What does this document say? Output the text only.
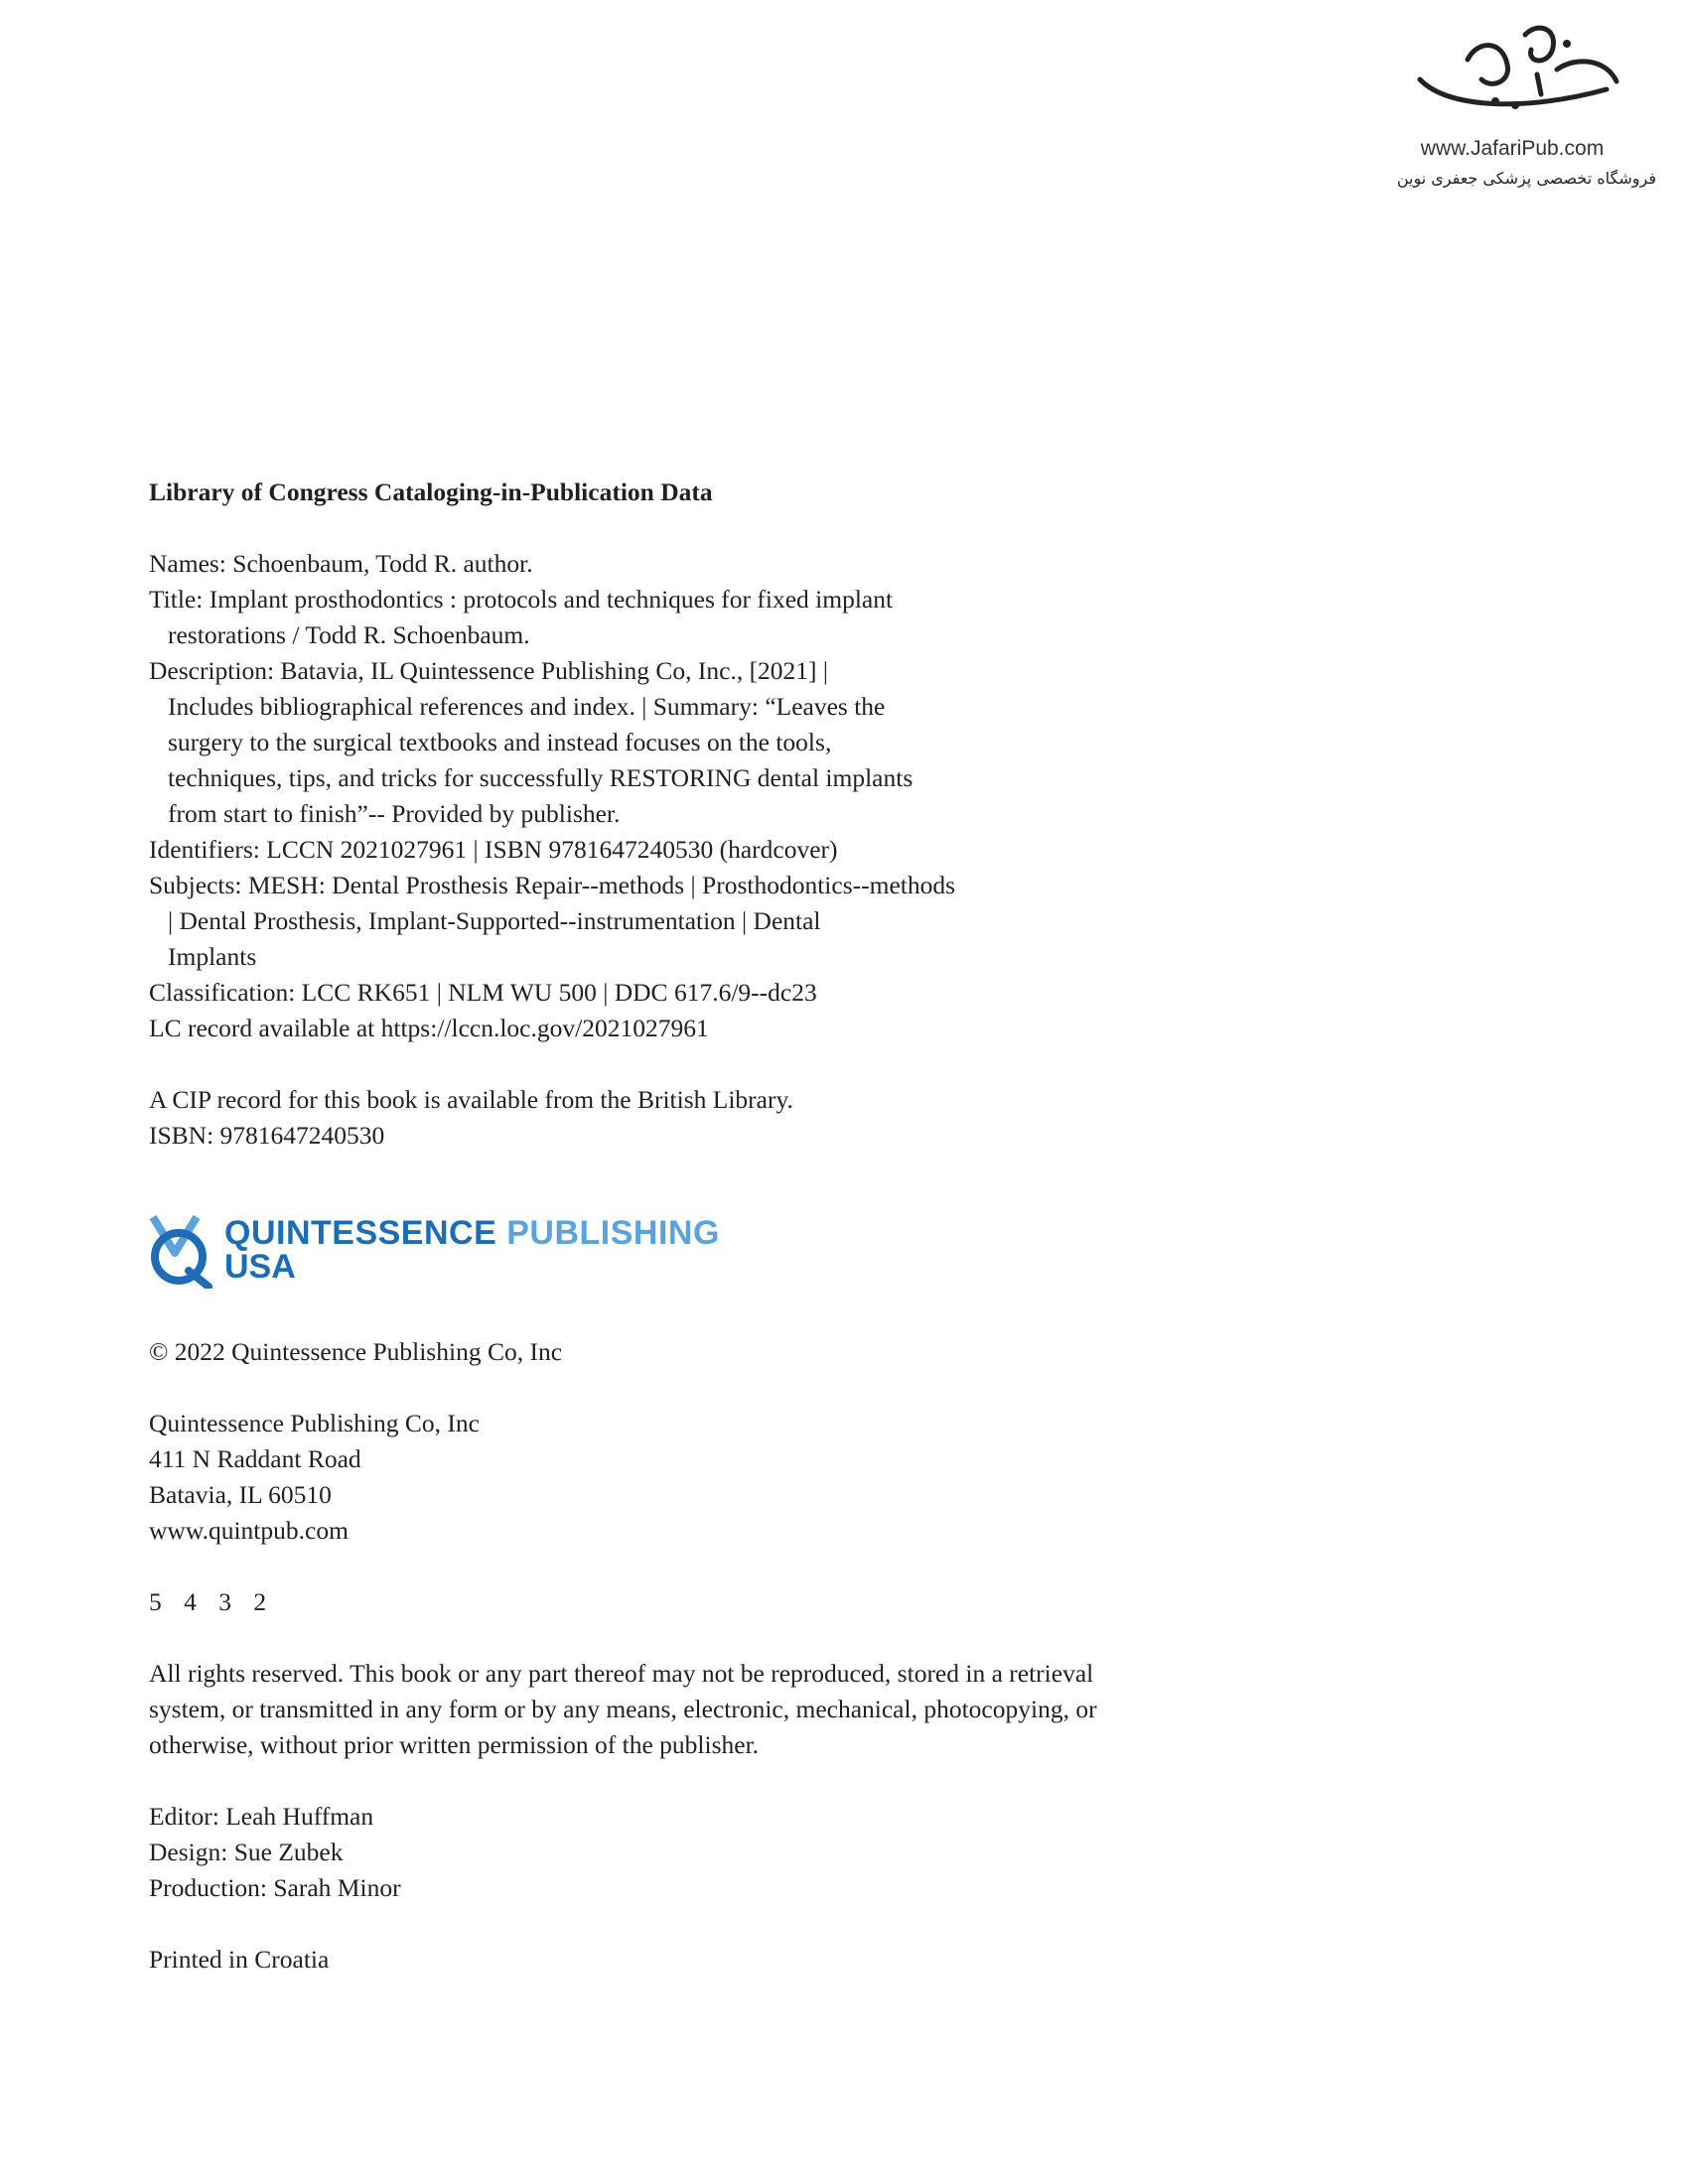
www.JafariPub.com
فروشگاه تخصصی پزشکی جعفری نوین
Library of Congress Cataloging-in-Publication Data
Names: Schoenbaum, Todd R. author.
Title: Implant prosthodontics : protocols and techniques for fixed implant
restorations / Todd R. Schoenbaum.
Description: Batavia, IL Quintessence Publishing Co, Inc., [2021] |
Includes bibliographical references and index. | Summary: “Leaves the
surgery to the surgical textbooks and instead focuses on the tools,
techniques, tips, and tricks for successfully RESTORING dental implants
from start to finish”-- Provided by publisher.
Identifiers: LCCN 2021027961 | ISBN 9781647240530 (hardcover)
Subjects: MESH: Dental Prosthesis Repair--methods | Prosthodontics--methods
| Dental Prosthesis, Implant-Supported--instrumentation | Dental
Implants
Classification: LCC RK651 | NLM WU 500 | DDC 617.6/9--dc23
LC record available at https://lccn.loc.gov/2021027961
A CIP record for this book is available from the British Library.
ISBN: 9781647240530
QUINTESSENCE PUBLISHING
USA
© 2022 Quintessence Publishing Co, Inc
Quintessence Publishing Co, Inc
411 N Raddant Road
Batavia, IL 60510
www.quintpub.com
5 4 3 2
All rights reserved. This book or any part thereof may not be reproduced, stored in a retrieval
system, or transmitted in any form or by any means, electronic, mechanical, photocopying, or
otherwise, without prior written permission of the publisher.
Editor: Leah Huffman
Design: Sue Zubek
Production: Sarah Minor
Printed in Croatia
